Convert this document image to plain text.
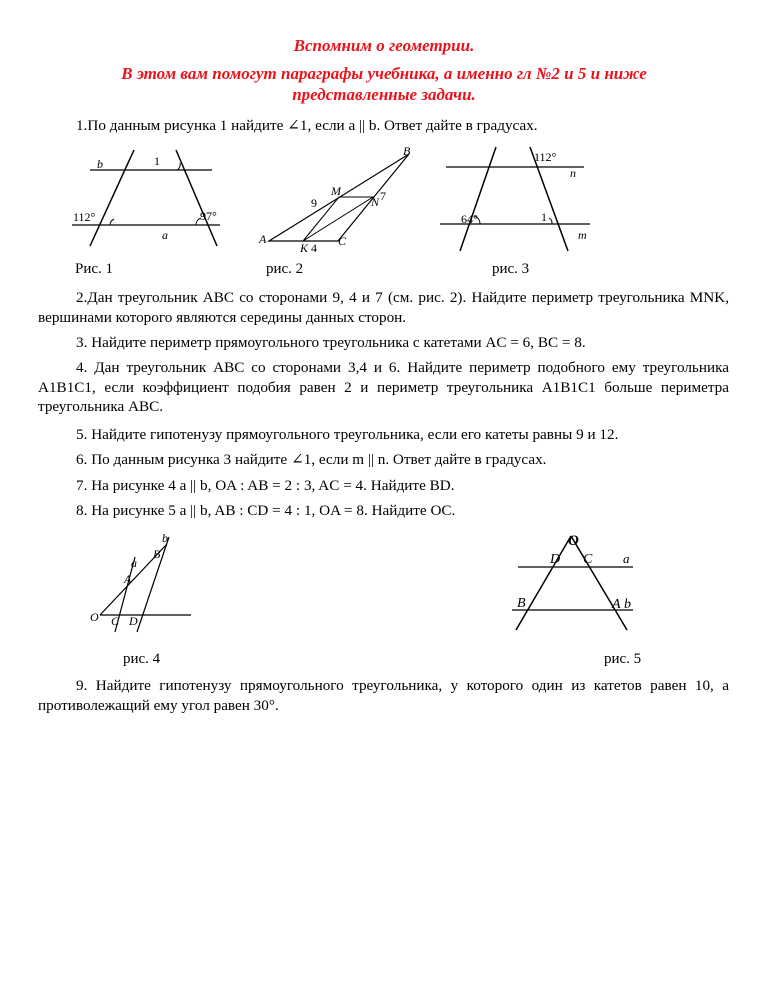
Вспомним о геометрии.
В этом вам помогут параграфы учебника, а именно гл №2 и 5 и ниже
представленные задачи.
1.По данным рисунка 1 найдите ∠1, если a || b. Ответ дайте в градусах.
b	1
112°	97°
a	A
B
C
M
N
K
9	7
4
112°
n
64°	1
m
Рис. 1	рис. 2	рис. 3
2.Дан треугольник ABC со сторонами 9, 4 и 7 (см. рис. 2). Найдите периметр треугольника MNK, вершинами которого являются середины данных сторон.
3. Найдите периметр прямоугольного треугольника с катетами AC = 6, BC = 8.
4. Дан треугольник ABC со сторонами 3,4 и 6. Найдите периметр подобного ему треугольника A1B1C1, если коэффициент подобия равен 2 и периметр треугольника A1B1C1 больше периметра треугольника ABC.
5. Найдите гипотенузу прямоугольного треугольника, если его катеты равны 9 и 12.
6. По данным рисунка 3 найдите ∠1, если m || n. Ответ дайте в градусах.
7. На рисунке 4 a || b, OA : AB = 2 : 3, AC = 4. Найдите BD.
8. На рисунке 5 a || b, AB : CD = 4 : 1, OA = 8. Найдите OC.
b
a
B
A
O C D
O
D C a
B	A b
рис. 4	рис. 5
9. Найдите гипотенузу прямоугольного треугольника, у которого один из катетов равен 10, а противолежащий ему угол равен 30°.
